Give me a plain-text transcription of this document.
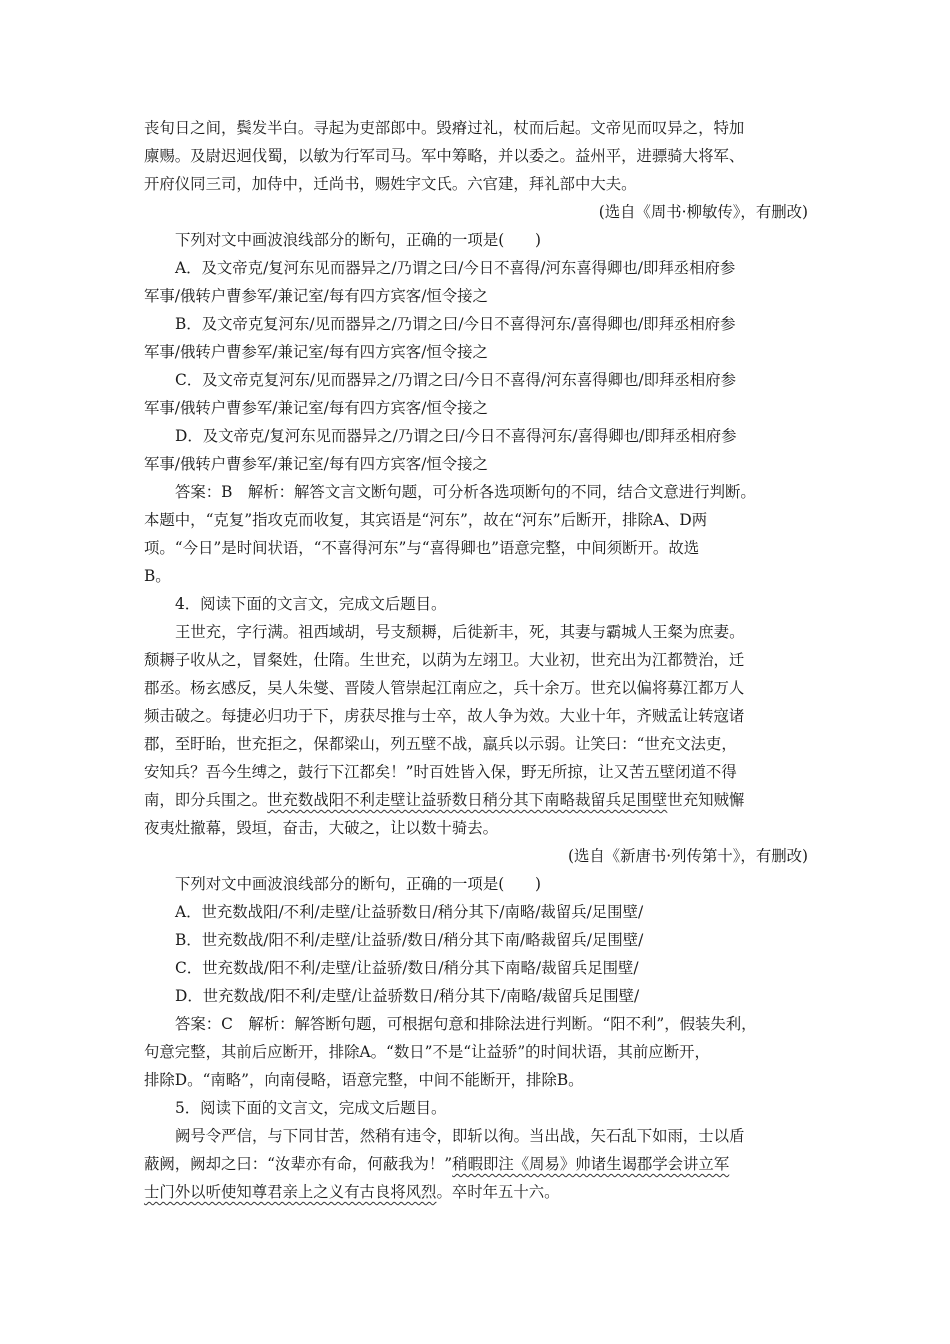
丧旬日之间，鬓发半白。寻起为吏部郎中。毁瘠过礼，杖而后起。文帝见而叹异之，特加

廪赐。及尉迟迥伐蜀，以敏为行军司马。军中筹略，并以委之。益州平，进骠骑大将军、

开府仪同三司，加侍中，迁尚书，赐姓宇文氏。六官建，拜礼部中大夫。

(选自《周书·柳敏传》，有删改)

下列对文中画波浪线部分的断句，正确的一项是(　　)

A．及文帝克/复河东见而器异之/乃谓之曰/今日不喜得/河东喜得卿也/即拜丞相府参

军事/俄转户曹参军/兼记室/每有四方宾客/恒令接之

B．及文帝克复河东/见而器异之/乃谓之曰/今日不喜得河东/喜得卿也/即拜丞相府参

军事/俄转户曹参军/兼记室/每有四方宾客/恒令接之

C．及文帝克复河东/见而器异之/乃谓之曰/今日不喜得/河东喜得卿也/即拜丞相府参

军事/俄转户曹参军/兼记室/每有四方宾客/恒令接之

D．及文帝克/复河东见而器异之/乃谓之曰/今日不喜得河东/喜得卿也/即拜丞相府参

军事/俄转户曹参军/兼记室/每有四方宾客/恒令接之

答案：B　解析：解答文言文断句题，可分析各选项断句的不同，结合文意进行判断。

本题中，“克复”指攻克而收复，其宾语是“河东”，故在“河东”后断开，排除A、D两

项。“今日”是时间状语，“不喜得河东”与“喜得卿也”语意完整，中间须断开。故选

B。

4．阅读下面的文言文，完成文后题目。

王世充，字行满。祖西域胡，号支颓耨，后徙新丰，死，其妻与霸城人王粲为庶妻。

颓耨子收从之，冒粲姓，仕隋。生世充，以荫为左翊卫。大业初，世充出为江都赞治，迁

郡丞。杨玄感反，吴人朱燮、晋陵人管崇起江南应之，兵十余万。世充以偏将募江都万人

频击破之。每捷必归功于下，虏获尽推与士卒，故人争为效。大业十年，齐贼孟让转寇诸

郡，至盱眙，世充拒之，保都梁山，列五壁不战，羸兵以示弱。让笑曰：“世充文法吏，

安知兵？吾今生缚之，鼓行下江都矣！”时百姓皆入保，野无所掠，让又苦五壁闭道不得

南，即分兵围之。世充数战阳不利走壁让益骄数日稍分其下南略裁留兵足围壁世充知贼懈

夜夷灶撤幕，毁垣，奋击，大破之，让以数十骑去。

(选自《新唐书·列传第十》，有删改)

下列对文中画波浪线部分的断句，正确的一项是(　　)

A．世充数战阳/不利/走壁/让益骄数日/稍分其下/南略/裁留兵/足围壁/

B．世充数战/阳不利/走壁/让益骄/数日/稍分其下南/略裁留兵/足围壁/

C．世充数战/阳不利/走壁/让益骄/数日/稍分其下南略/裁留兵足围壁/

D．世充数战/阳不利/走壁/让益骄数日/稍分其下/南略/裁留兵足围壁/

答案：C　解析：解答断句题，可根据句意和排除法进行判断。“阳不利”，假装失利，

句意完整，其前后应断开，排除A。“数日”不是“让益骄”的时间状语，其前应断开，

排除D。“南略”，向南侵略，语意完整，中间不能断开，排除B。

5．阅读下面的文言文，完成文后题目。

阙号令严信，与下同甘苦，然稍有违令，即斩以徇。当出战，矢石乱下如雨，士以盾

蔽阙，阙却之曰：“汝辈亦有命，何蔽我为！”稍暇即注《周易》帅诸生谒郡学会讲立军

士门外以听使知尊君亲上之义有古良将风烈。卒时年五十六。
